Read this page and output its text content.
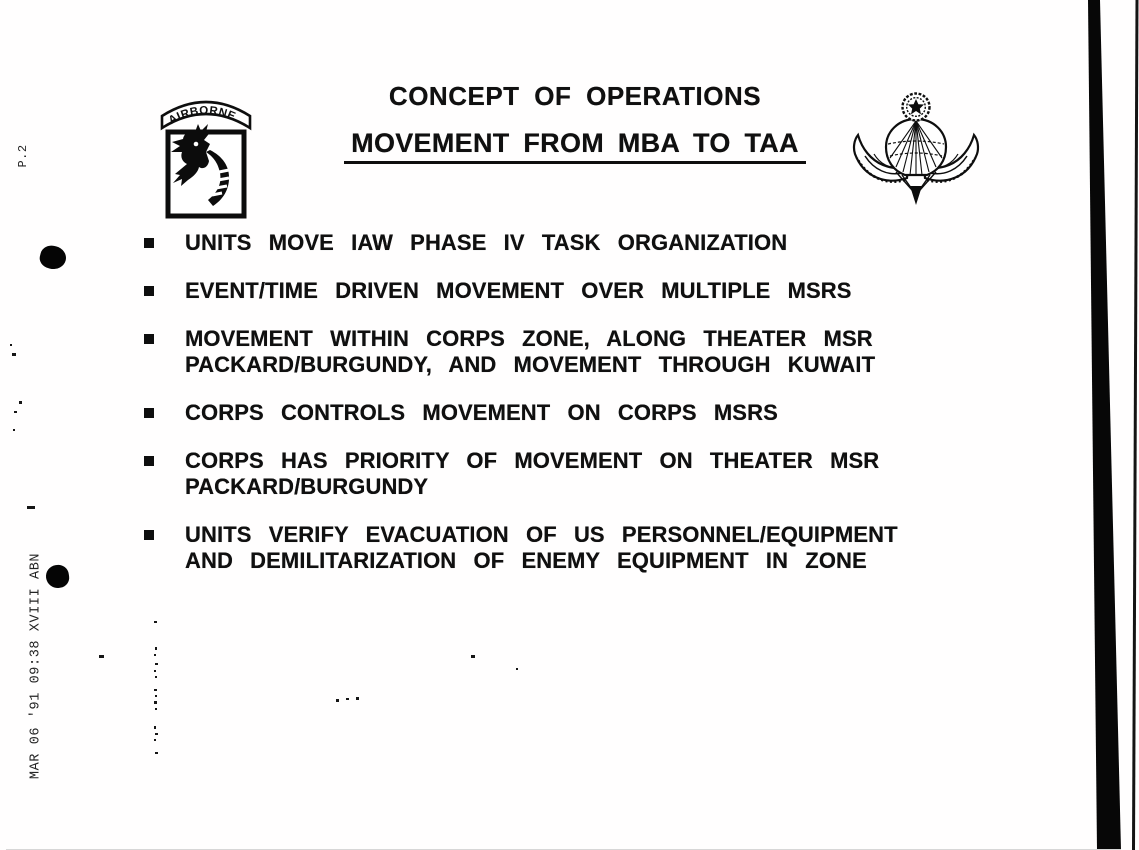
AIRBORNE
CONCEPT OF OPERATIONS

MOVEMENT FROM MBA TO TAA
UNITS MOVE IAW PHASE IV TASK ORGANIZATION
EVENT/TIME DRIVEN MOVEMENT OVER MULTIPLE MSRS
MOVEMENT WITHIN CORPS ZONE, ALONG THEATER MSR
PACKARD/BURGUNDY, AND MOVEMENT THROUGH KUWAIT
CORPS CONTROLS MOVEMENT ON CORPS MSRS
CORPS HAS PRIORITY OF MOVEMENT ON THEATER MSR
PACKARD/BURGUNDY
UNITS VERIFY EVACUATION OF US PERSONNEL/EQUIPMENT
AND DEMILITARIZATION OF ENEMY EQUIPMENT IN ZONE
MAR 06 '91 09:38 XVIII ABN
P.2
